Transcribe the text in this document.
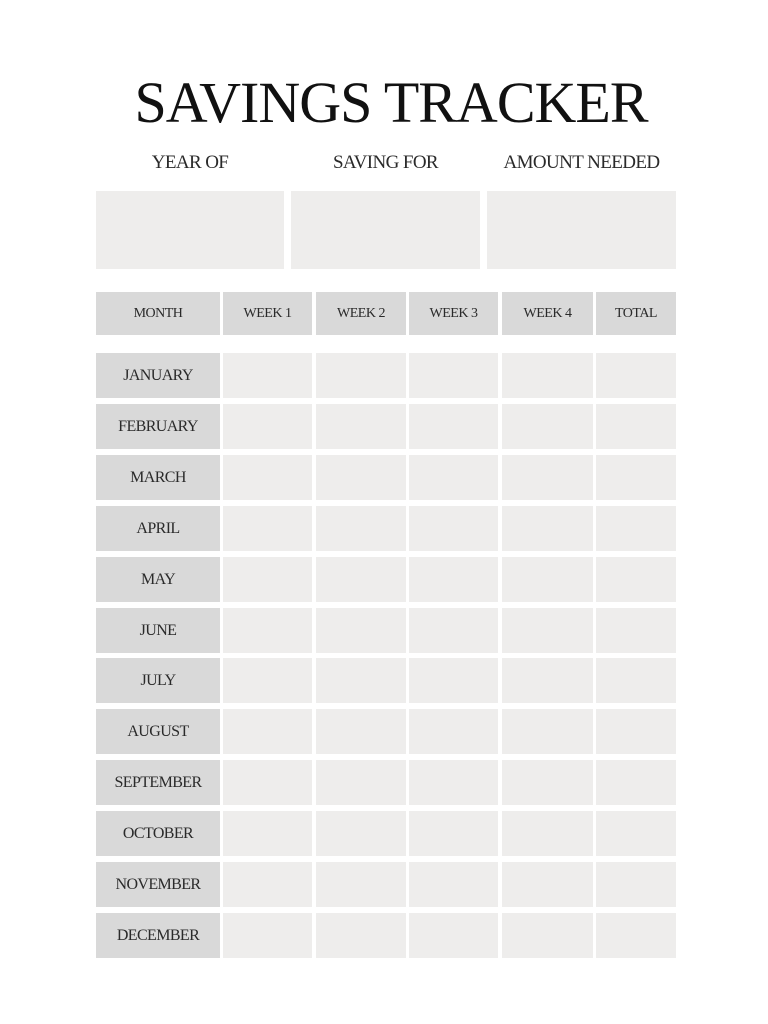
SAVINGS TRACKER
YEAR OF	SAVING FOR	AMOUNT NEEDED
MONTH	WEEK 1	WEEK 2	WEEK 3	WEEK 4	TOTAL
JANUARY
FEBRUARY
MARCH
APRIL
MAY
JUNE
JULY
AUGUST
SEPTEMBER
OCTOBER
NOVEMBER
DECEMBER
